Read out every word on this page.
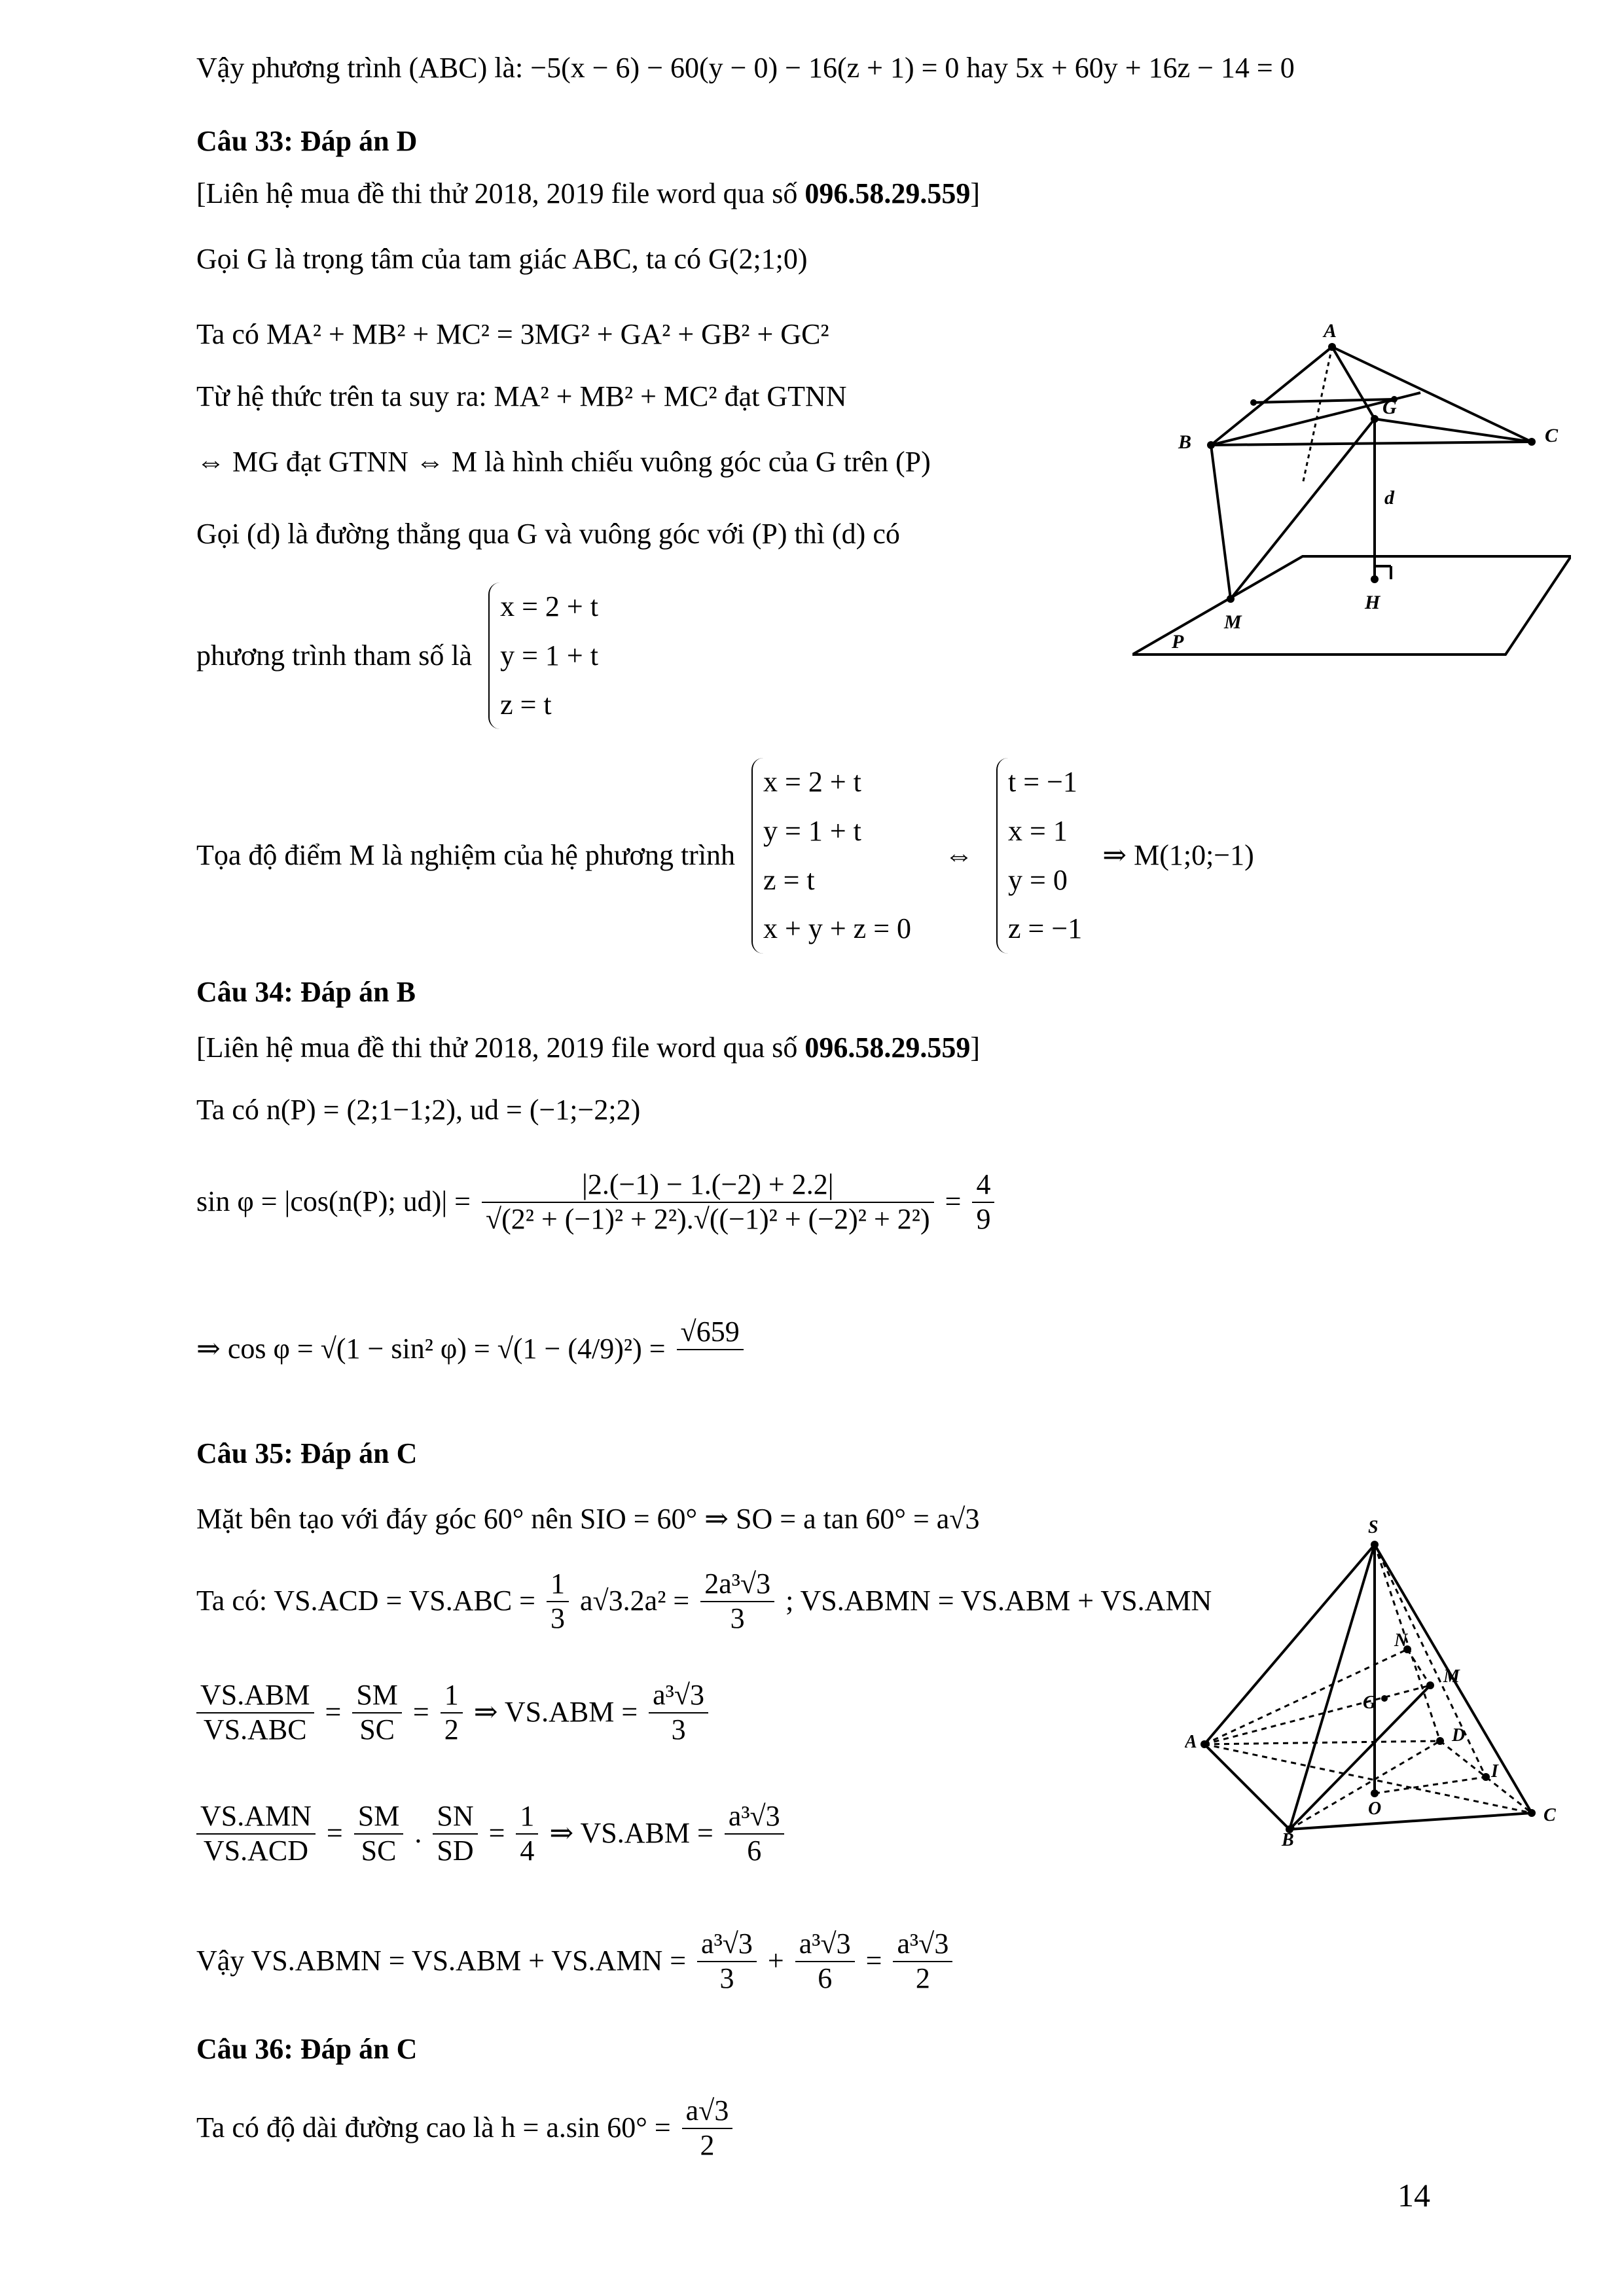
Vậy phương trình (ABC) là: −5(x − 6) − 60(y − 0) − 16(z + 1) = 0 hay 5x + 60y + 16z − 14 = 0
Câu 33: Đáp án D
[Liên hệ mua đề thi thử 2018, 2019 file word qua số 096.58.29.559]
Gọi G là trọng tâm của tam giác ABC, ta có G(2;1;0)
Ta có MA² + MB² + MC² = 3MG² + GA² + GB² + GC²
Từ hệ thức trên ta suy ra: MA² + MB² + MC² đạt GTNN
⇔ MG đạt GTNN ⇔ M là hình chiếu vuông góc của G trên (P)
Gọi (d) là đường thẳng qua G và vuông góc với (P) thì (d) có
phương trình tham số là
x = 2 + t
y = 1 + t
z = t
Tọa độ điểm M là nghiệm của hệ phương trình
x = 2 + t
y = 1 + t
z = t
x + y + z = 0
⇔
t = −1
x = 1
y = 0
z = −1
⇒ M(1;0;−1)
Câu 34: Đáp án B
[Liên hệ mua đề thi thử 2018, 2019 file word qua số 096.58.29.559]
Ta có n(P) = (2;1−1;2), ud = (−1;−2;2)
sin φ = |cos(n(P); $ud)| = \frac{|2.(-1) - 1.(-2) + 2.2|}{\text{√(2² + (−1)² + 2²).√((−1)² + (−2)² + 2²)}} = \frac{4}{9}$
⇒ cos φ = √(1 − sin² φ) = √(1 − (4/9)²) =
√659
Câu 35: Đáp án C
Mặt bên tạo với đáy góc 60° nên SIO = 60° ⇒ SO = a tan 60° = a√3
Ta có: $VS.ACD = VS.ABC = \frac{1}{3} a√3.2a^2 = \frac{\text{2a³√3}}{3}$ ; VS.ABMN = VS.ABM + VS.AMN
$\frac{\text{VS.ABM}}{\text{VS.ABC}} = \frac{SM}{SC} = \frac{1}{2}$ ⇒ $VS.ABM = \frac{\text{a³√3}}{3}$
$\frac{\text{VS.AMN}}{\text{VS.ACD}} = \frac{SM}{SC}$ . $\frac{SN}{SD} = \frac{1}{4}$ ⇒ $VS.ABM = \frac{\text{a³√3}}{6}$
Vậy VS.ABMN = $VS.ABM + VS.AMN = \frac{\text{a³√3}}{3} + \frac{\text{a³√3}}{6} = \frac{\text{a³√3}}{2}$
Câu 36: Đáp án C
Ta có độ dài đường cao là h = a.sin $60^\circ = \frac{a√3}{2}$
A
G
B	C
d
M
H
P
S
N
M
G
A	D
I
O
B
C
14
